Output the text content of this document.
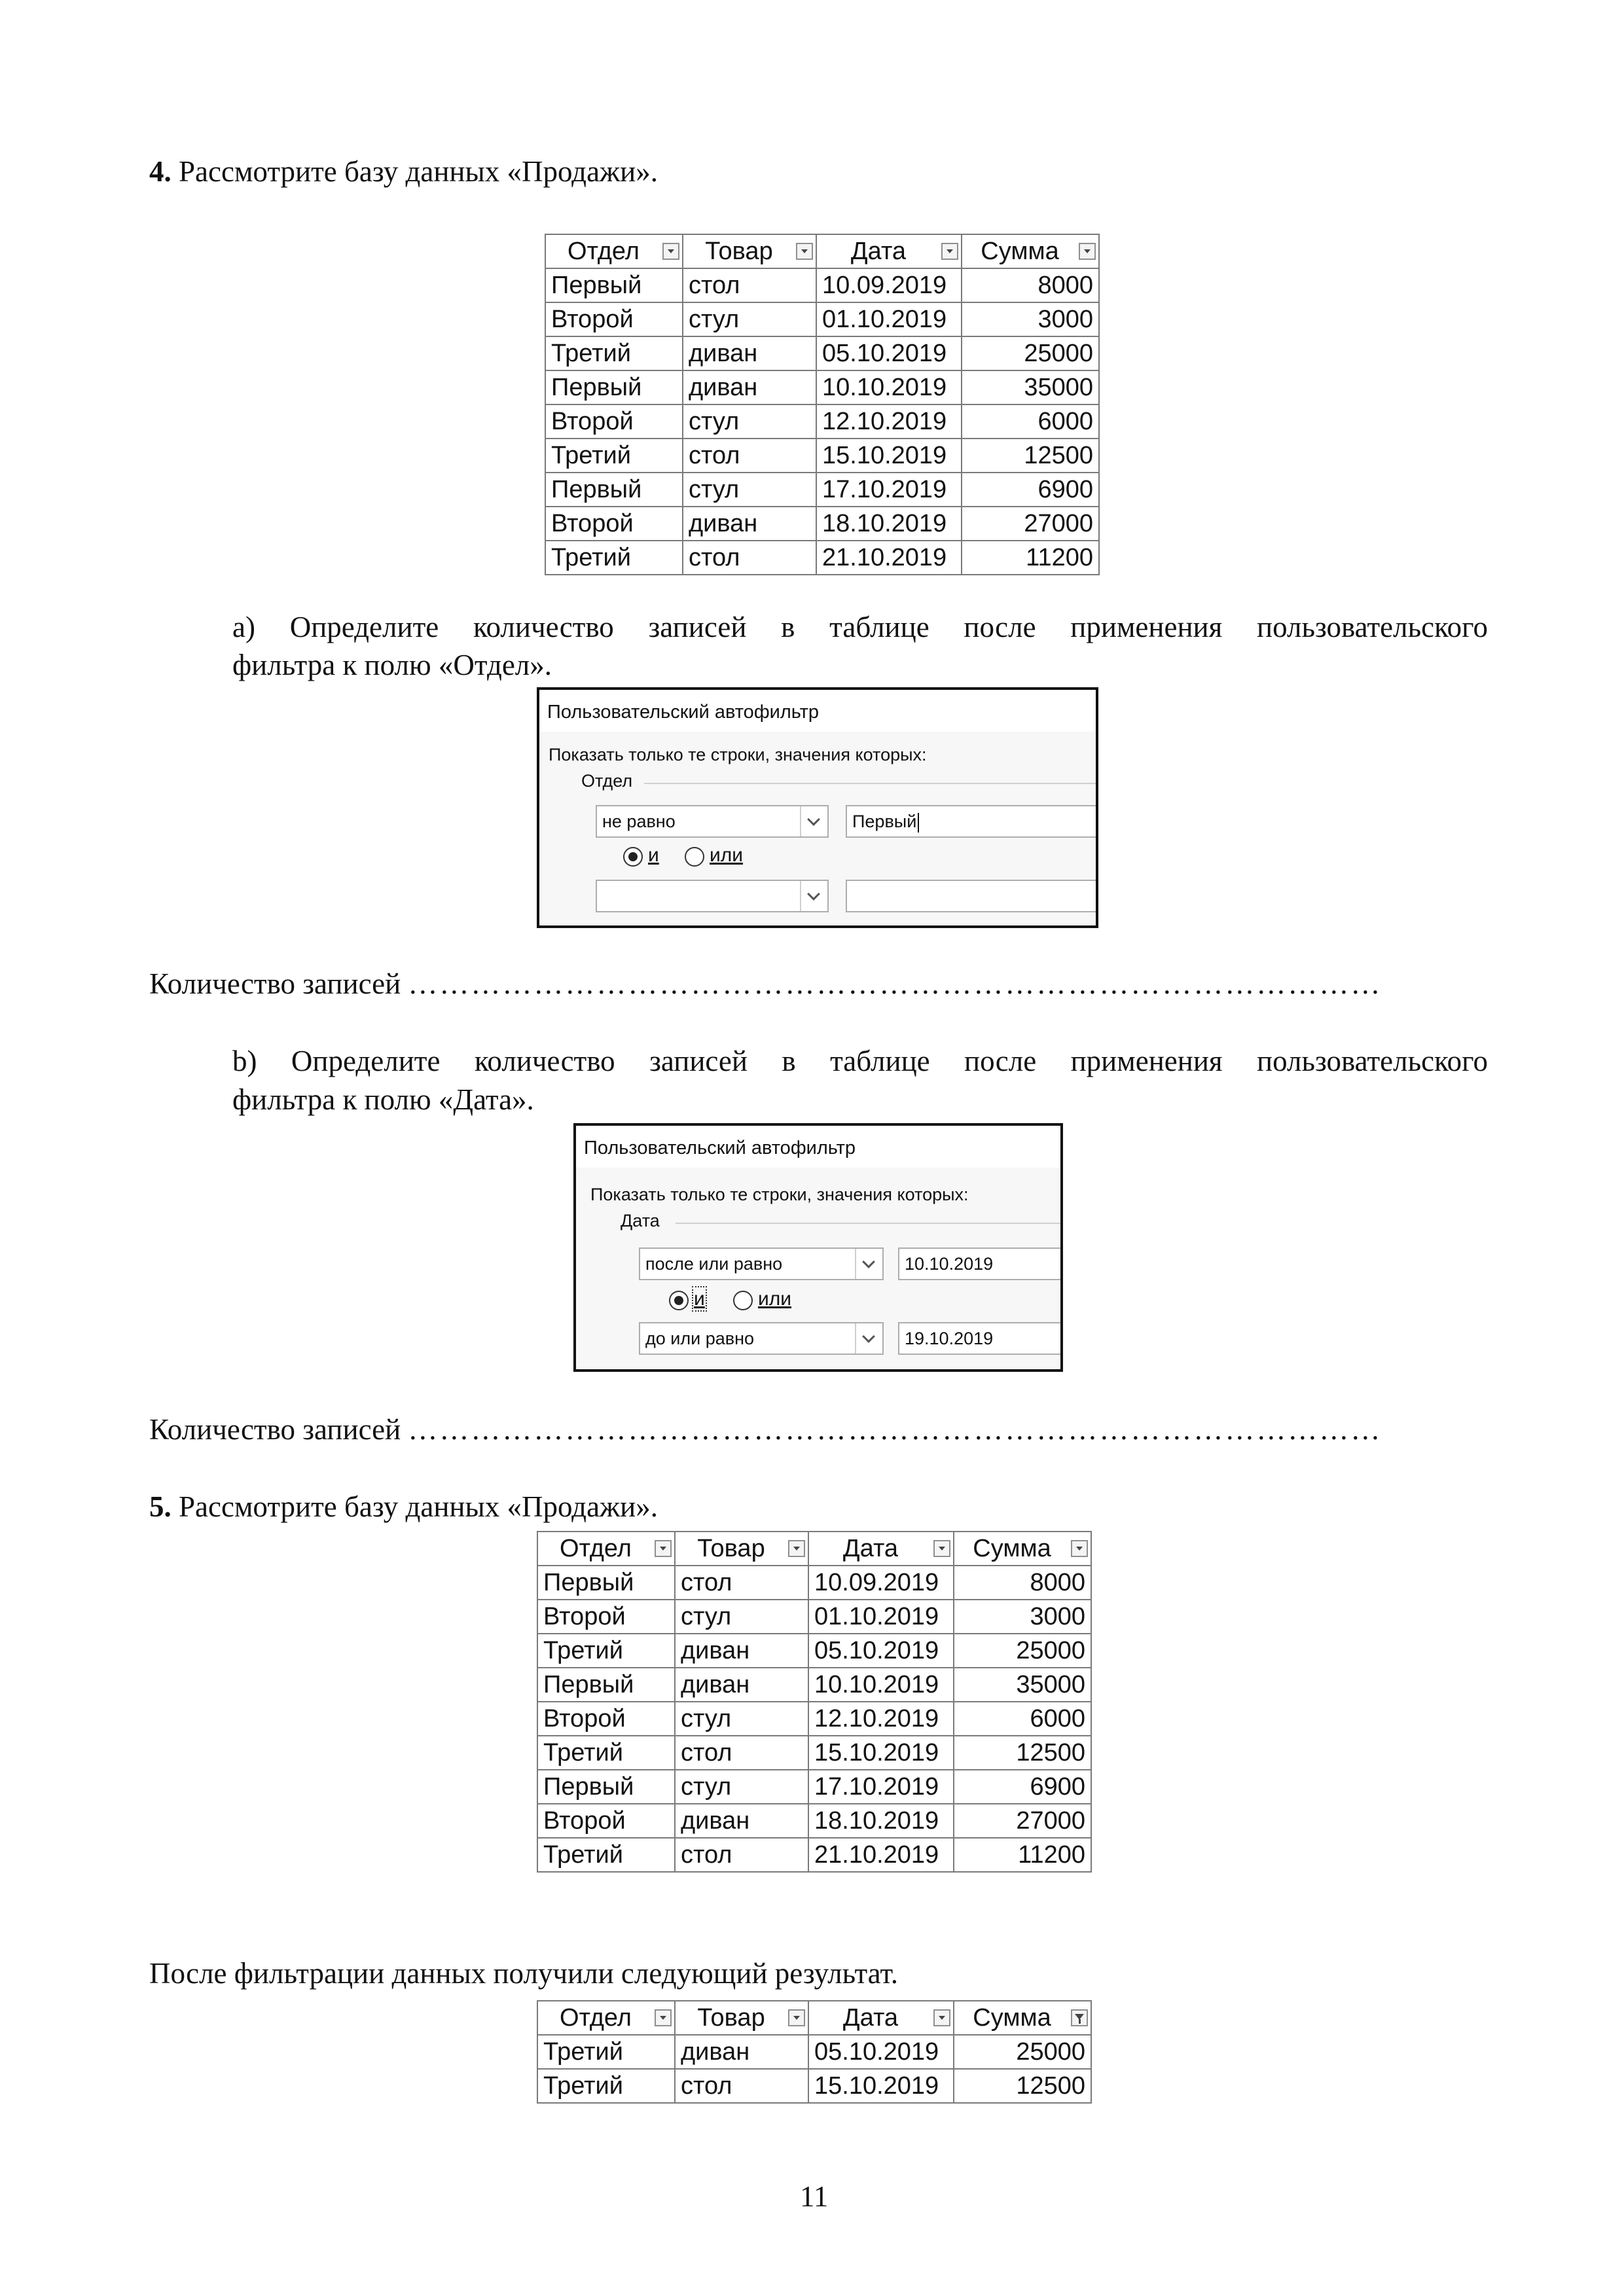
4. Рассмотрите базу данных «Продажи».
Отдел	Товар	Дата	Сумма

Первый	стол	10.09.2019	8000
Второй	стул	01.10.2019	3000
Третий	диван	05.10.2019	25000
Первый	диван	10.10.2019	35000
Второй	стул	12.10.2019	6000
Третий	стол	15.10.2019	12500
Первый	стул	17.10.2019	6900
Второй	диван	18.10.2019	27000
Третий	стол	21.10.2019	11200
a) Определите количество записей в таблице после применения пользовательского
фильтра к полю «Отдел».
Пользовательский автофильтр
Показать только те строки, значения которых:
Отдел
не равно	Первый
и	или
Количество записей …………………………………………………………………………………
b) Определите количество записей в таблице после применения пользовательского
фильтра к полю «Дата».
Пользовательский автофильтр
Показать только те строки, значения которых:
Дата
после или равно	10.10.2019
и	или
до или равно	19.10.2019
Количество записей …………………………………………………………………………………
5. Рассмотрите базу данных «Продажи».
Отдел	Товар	Дата	Сумма

Первый	стол	10.09.2019	8000
Второй	стул	01.10.2019	3000
Третий	диван	05.10.2019	25000
Первый	диван	10.10.2019	35000
Второй	стул	12.10.2019	6000
Третий	стол	15.10.2019	12500
Первый	стул	17.10.2019	6900
Второй	диван	18.10.2019	27000
Третий	стол	21.10.2019	11200
После фильтрации данных получили следующий результат.
Отдел	Товар	Дата	Сумма

Третий	диван	05.10.2019	25000
Третий	стол	15.10.2019	12500
11
